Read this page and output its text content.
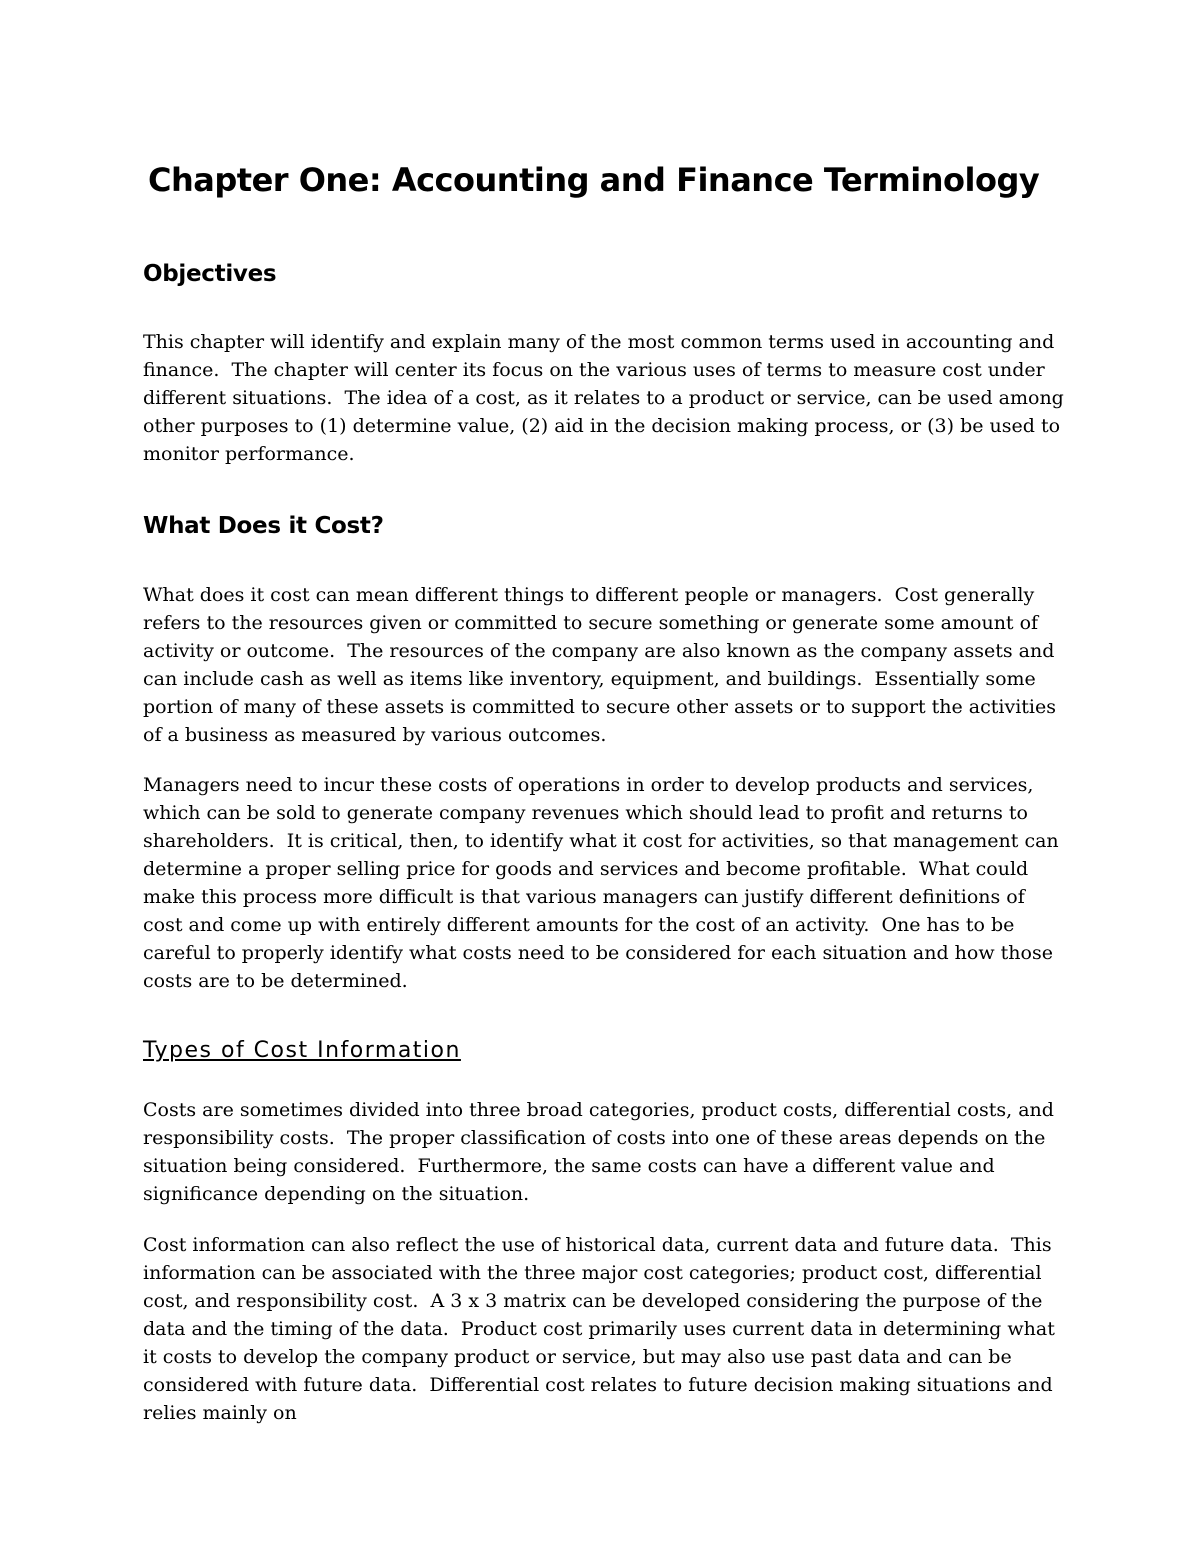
Chapter One: Accounting and Finance Terminology
Objectives

This chapter will identify and explain many of the most common terms used in accounting and finance.  The chapter will center its focus on the various uses of terms to measure cost under different situations.  The idea of a cost, as it relates to a product or service, can be used among other purposes to (1) determine value, (2) aid in the decision making process, or (3) be used to monitor performance.

What Does it Cost?

What does it cost can mean different things to different people or managers.  Cost generally refers to the resources given or committed to secure something or generate some amount of activity or outcome.  The resources of the company are also known as the company assets and can include cash as well as items like inventory, equipment, and buildings.  Essentially some portion of many of these assets is committed to secure other assets or to support the activities of a business as measured by various outcomes.

Managers need to incur these costs of operations in order to develop products and services, which can be sold to generate company revenues which should lead to profit and returns to shareholders.  It is critical, then, to identify what it cost for activities, so that management can determine a proper selling price for goods and services and become profitable.  What could make this process more difficult is that various managers can justify different definitions of cost and come up with entirely different amounts for the cost of an activity.  One has to be careful to properly identify what costs need to be considered for each situation and how those costs are to be determined.

Types of Cost Information

Costs are sometimes divided into three broad categories, product costs, differential costs, and responsibility costs.  The proper classification of costs into one of these areas depends on the situation being considered.  Furthermore, the same costs can have a different value and significance depending on the situation.

Cost information can also reflect the use of historical data, current data and future data.  This information can be associated with the three major cost categories; product cost, differential cost, and responsibility cost.  A 3 x 3 matrix can be developed considering the purpose of the data and the timing of the data.  Product cost primarily uses current data in determining what it costs to develop the company product or service, but may also use past data and can be considered with future data.  Differential cost relates to future decision making situations and relies mainly on
